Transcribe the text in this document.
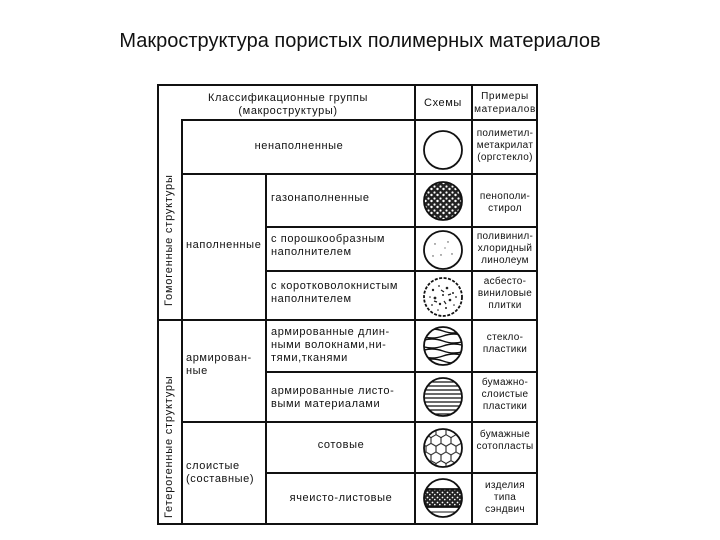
Макроструктура пористых полимерных материалов
Классификационные группы
(макроструктуры)
Схемы
Примеры
материалов
Гомогенные структуры
Гетерогенные структуры
ненаполненные
наполненные
газонаполненные
с порошкообразным
наполнителем
с коротковолокнистым
наполнителем
армирован-
ные
армированные длин-
ными волокнами,ни-
тями,тканями
армированные листо-
выми материалами
слоистые
(составные)
сотовые
ячеисто-листовые
полиметил-
метакрилат
(оргстекло)
пенополи-
стирол
поливинил-
хлоридный
линолеум
асбесто-
виниловые
плитки
стекло-
пластики
бумажно-
слоистые
пластики
бумажные
сотопласты
изделия
типа
сэндвич
